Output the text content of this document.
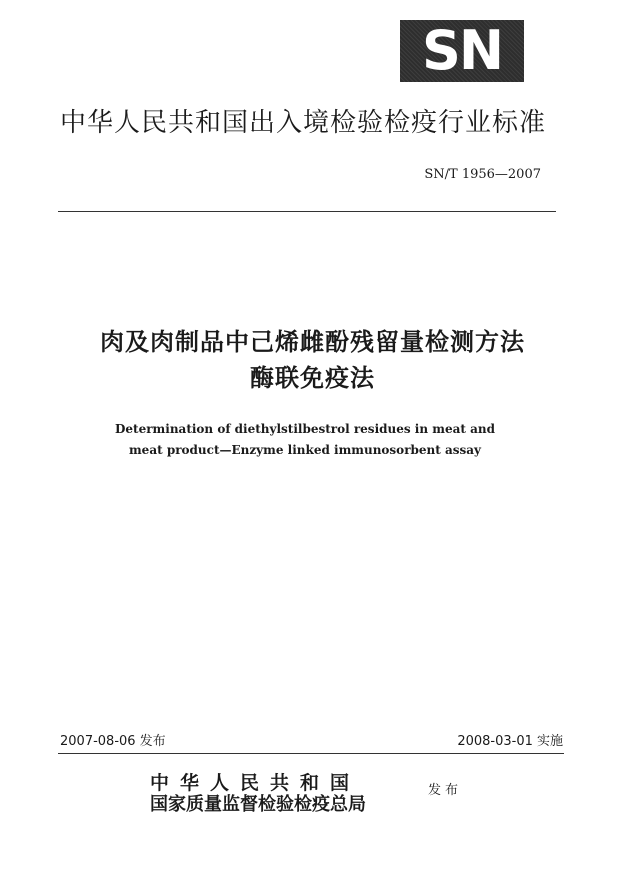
SN
中华人民共和国出入境检验检疫行业标准
SN/T 1956—2007
肉及肉制品中己烯雌酚残留量检测方法
酶联免疫法
Determination of diethylstilbestrol residues in meat and
meat product—Enzyme linked immunosorbent assay
2007-08-06 发布	2008-03-01 实施
中华人民共和国
国家质量监督检验检疫总局
发布
